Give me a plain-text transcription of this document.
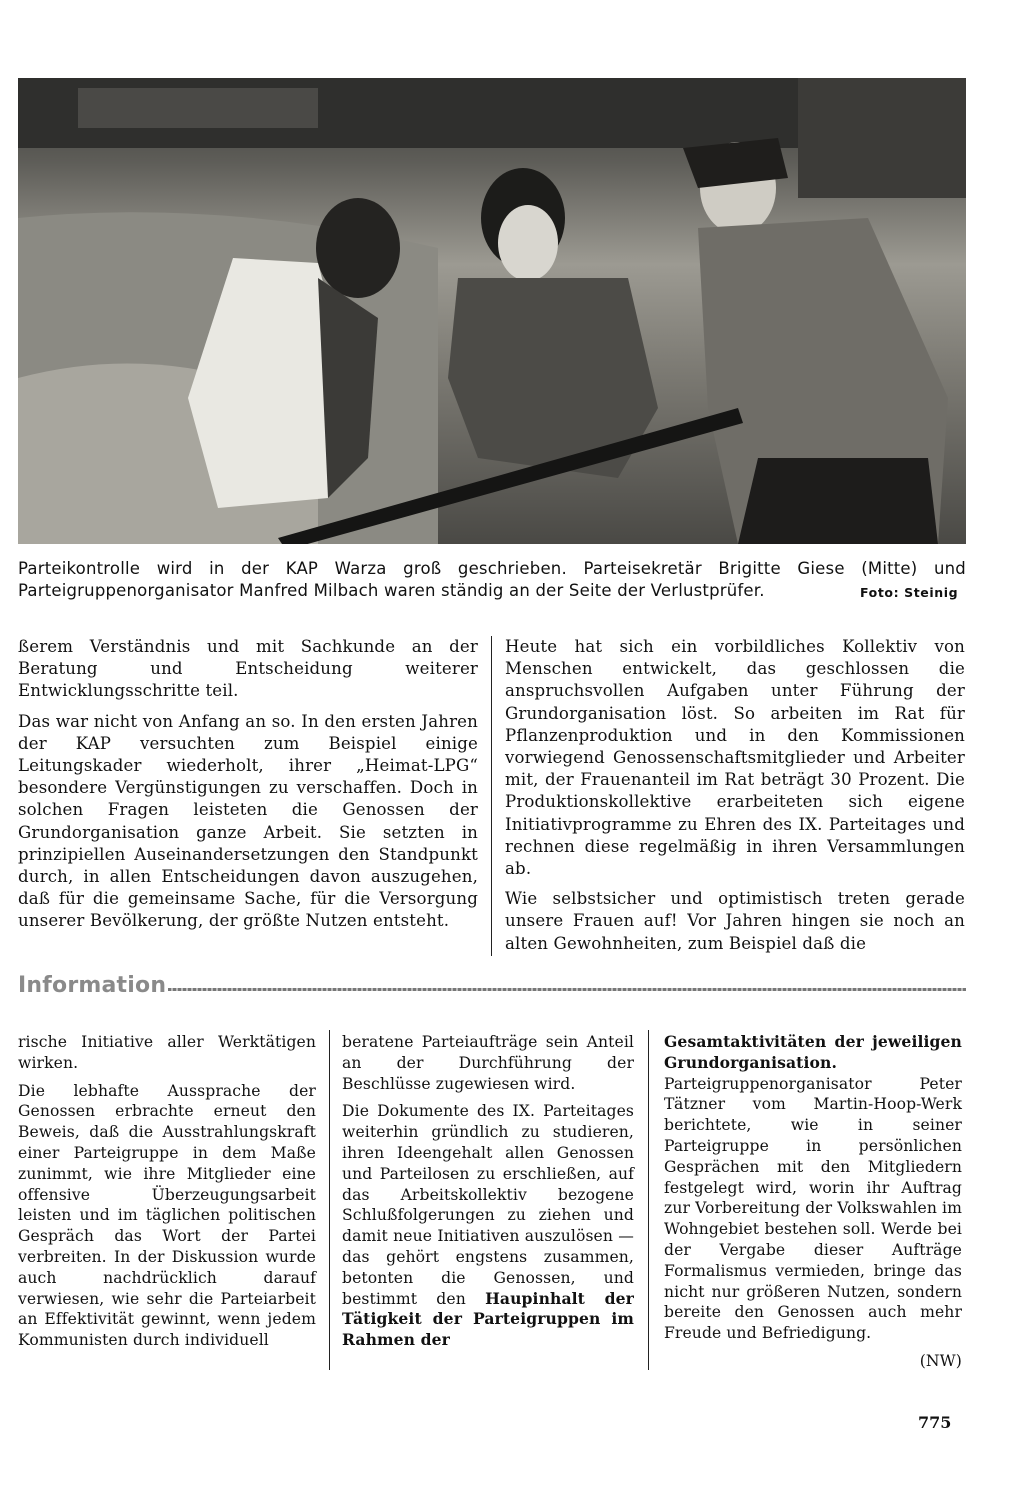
Parteikontrolle wird in der KAP Warza groß geschrieben. Parteisekretär Brigitte Giese (Mitte) und Parteigruppenorganisator Manfred Milbach waren ständig an der Seite der Verlustprüfer.	Foto: Steinig

ßerem Verständnis und mit Sachkunde an der Beratung und Entscheidung weiterer Entwicklungsschritte teil.

Das war nicht von Anfang an so. In den ersten Jahren der KAP versuchten zum Beispiel einige Leitungskader wiederholt, ihrer „Heimat-LPG“ besondere Vergünstigungen zu verschaffen. Doch in solchen Fragen leisteten die Genossen der Grundorganisation ganze Arbeit. Sie setzten in prinzipiellen Auseinandersetzungen den Standpunkt durch, in allen Entscheidungen davon auszugehen, daß für die gemeinsame Sache, für die Versorgung unserer Bevölkerung, der größte Nutzen entsteht.

Heute hat sich ein vorbildliches Kollektiv von Menschen entwickelt, das geschlossen die anspruchsvollen Aufgaben unter Führung der Grundorganisation löst. So arbeiten im Rat für Pflanzenproduktion und in den Kommissionen vorwiegend Genossenschaftsmitglieder und Arbeiter mit, der Frauenanteil im Rat beträgt 30 Prozent. Die Produktionskollektive erarbeiteten sich eigene Initiativprogramme zu Ehren des IX. Parteitages und rechnen diese regelmäßig in ihren Versammlungen ab.

Wie selbstsicher und optimistisch treten gerade unsere Frauen auf! Vor Jahren hingen sie noch an alten Gewohnheiten, zum Beispiel daß die

Information

rische Initiative aller Werktätigen wirken.

Die lebhafte Aussprache der Genossen erbrachte erneut den Beweis, daß die Ausstrahlungskraft einer Parteigruppe in dem Maße zunimmt, wie ihre Mitglieder eine offensive Überzeugungsarbeit leisten und im täglichen politischen Gespräch das Wort der Partei verbreiten. In der Diskussion wurde auch nachdrücklich darauf verwiesen, wie sehr die Parteiarbeit an Effektivität gewinnt, wenn jedem Kommunisten durch individuell

beratene Parteiaufträge sein Anteil an der Durchführung der Beschlüsse zugewiesen wird.

Die Dokumente des IX. Parteitages weiterhin gründlich zu studieren, ihren Ideengehalt allen Genossen und Parteilosen zu erschließen, auf das Arbeitskollektiv bezogene Schlußfolgerungen zu ziehen und damit neue Initiativen auszulösen — das gehört engstens zusammen, betonten die Genossen, und bestimmt den Haupinhalt der Tätigkeit der Parteigruppen im Rahmen der

Gesamtaktivitäten der jeweiligen Grundorganisation.

Parteigruppenorganisator Peter Tätzner vom Martin-Hoop-Werk berichtete, wie in seiner Parteigruppe in persönlichen Gesprächen mit den Mitgliedern festgelegt wird, worin ihr Auftrag zur Vorbereitung der Volkswahlen im Wohngebiet bestehen soll. Werde bei der Vergabe dieser Aufträge Formalismus vermieden, bringe das nicht nur größeren Nutzen, sondern bereite den Genossen auch mehr Freude und Befriedigung.

(NW)
775
